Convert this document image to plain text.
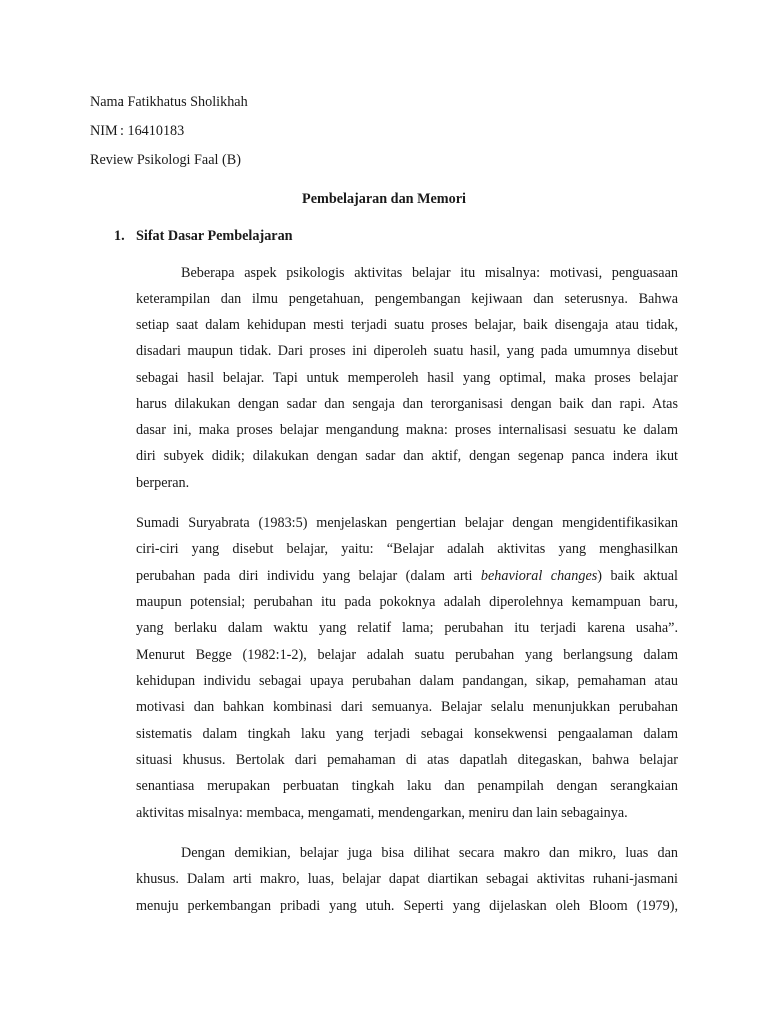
Nama
: Fatikhatus Sholikhah
NIM : 16410183
Review Psikologi Faal (B)
Pembelajaran dan Memori
1. Sifat Dasar Pembelajaran
Beberapa aspek psikologis aktivitas belajar itu misalnya: motivasi, penguasaan
keterampilan dan ilmu pengetahuan, pengembangan kejiwaan dan seterusnya. Bahwa
setiap saat dalam kehidupan mesti terjadi suatu proses belajar, baik disengaja atau tidak,
disadari maupun tidak. Dari proses ini diperoleh suatu hasil, yang pada umumnya disebut
sebagai hasil belajar. Tapi untuk memperoleh hasil yang optimal, maka proses belajar
harus dilakukan dengan sadar dan sengaja dan terorganisasi dengan baik dan rapi. Atas
dasar ini, maka proses belajar mengandung makna: proses internalisasi sesuatu ke dalam
diri subyek didik; dilakukan dengan sadar dan aktif, dengan segenap panca indera ikut
berperan.
Sumadi Suryabrata (1983:5) menjelaskan pengertian belajar dengan mengidentifikasikan
ciri-ciri yang disebut belajar, yaitu: “Belajar adalah aktivitas yang menghasilkan
perubahan pada diri individu yang belajar (dalam arti behavioral changes) baik aktual
maupun potensial; perubahan itu pada pokoknya adalah diperolehnya kemampuan baru,
yang berlaku dalam waktu yang relatif lama; perubahan itu terjadi karena usaha”.
Menurut Begge (1982:1-2), belajar adalah suatu perubahan yang berlangsung dalam
kehidupan individu sebagai upaya perubahan dalam pandangan, sikap, pemahaman atau
motivasi dan bahkan kombinasi dari semuanya. Belajar selalu menunjukkan perubahan
sistematis dalam tingkah laku yang terjadi sebagai konsekwensi pengaalaman dalam
situasi khusus. Bertolak dari pemahaman di atas dapatlah ditegaskan, bahwa belajar
senantiasa merupakan perbuatan tingkah laku dan penampilah dengan serangkaian
aktivitas misalnya: membaca, mengamati, mendengarkan, meniru dan lain sebagainya.
Dengan demikian, belajar juga bisa dilihat secara makro dan mikro, luas dan
khusus. Dalam arti makro, luas, belajar dapat diartikan sebagai aktivitas ruhani-jasmani
menuju perkembangan pribadi yang utuh. Seperti yang dijelaskan oleh Bloom (1979),
